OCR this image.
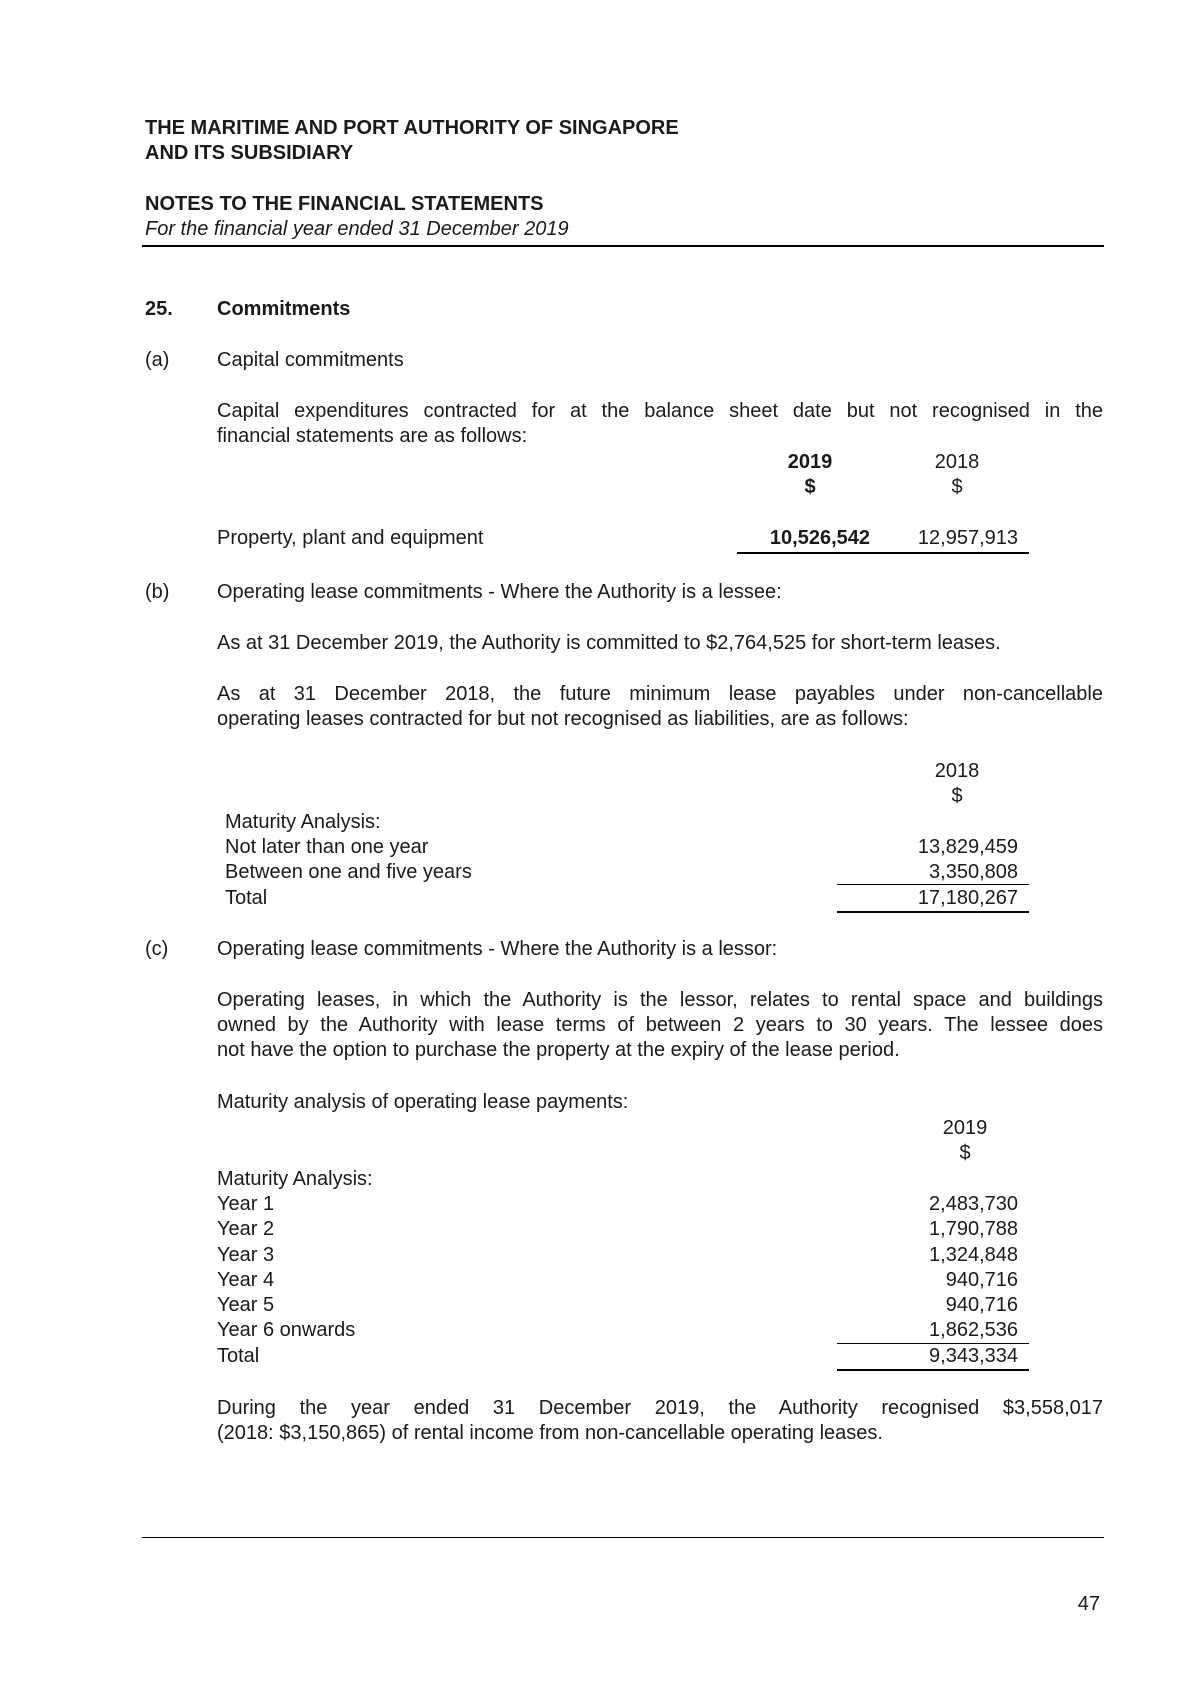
THE MARITIME AND PORT AUTHORITY OF SINGAPORE
AND ITS SUBSIDIARY
NOTES TO THE FINANCIAL STATEMENTS
For the financial year ended 31 December 2019
25. Commitments
(a) Capital commitments
Capital expenditures contracted for at the balance sheet date but not recognised in the
financial statements are as follows:
2019	2018
$	$
Property, plant and equipment	10,526,542	12,957,913
(b) Operating lease commitments - Where the Authority is a lessee:
As at 31 December 2019, the Authority is committed to $2,764,525 for short-term leases.
As at 31 December 2018, the future minimum lease payables under non-cancellable
operating leases contracted for but not recognised as liabilities, are as follows:
2018
$
Maturity Analysis:
Not later than one year	13,829,459
Between one and five years	3,350,808
Total	17,180,267
(c) Operating lease commitments - Where the Authority is a lessor:
Operating leases, in which the Authority is the lessor, relates to rental space and buildings
owned by the Authority with lease terms of between 2 years to 30 years. The lessee does
not have the option to purchase the property at the expiry of the lease period.
Maturity analysis of operating lease payments:
2019
$
Maturity Analysis:
Year 1	2,483,730
Year 2	1,790,788
Year 3	1,324,848
Year 4	940,716
Year 5	940,716
Year 6 onwards	1,862,536
Total	9,343,334
During the year ended 31 December 2019, the Authority recognised $3,558,017
(2018: $3,150,865) of rental income from non-cancellable operating leases.
47
